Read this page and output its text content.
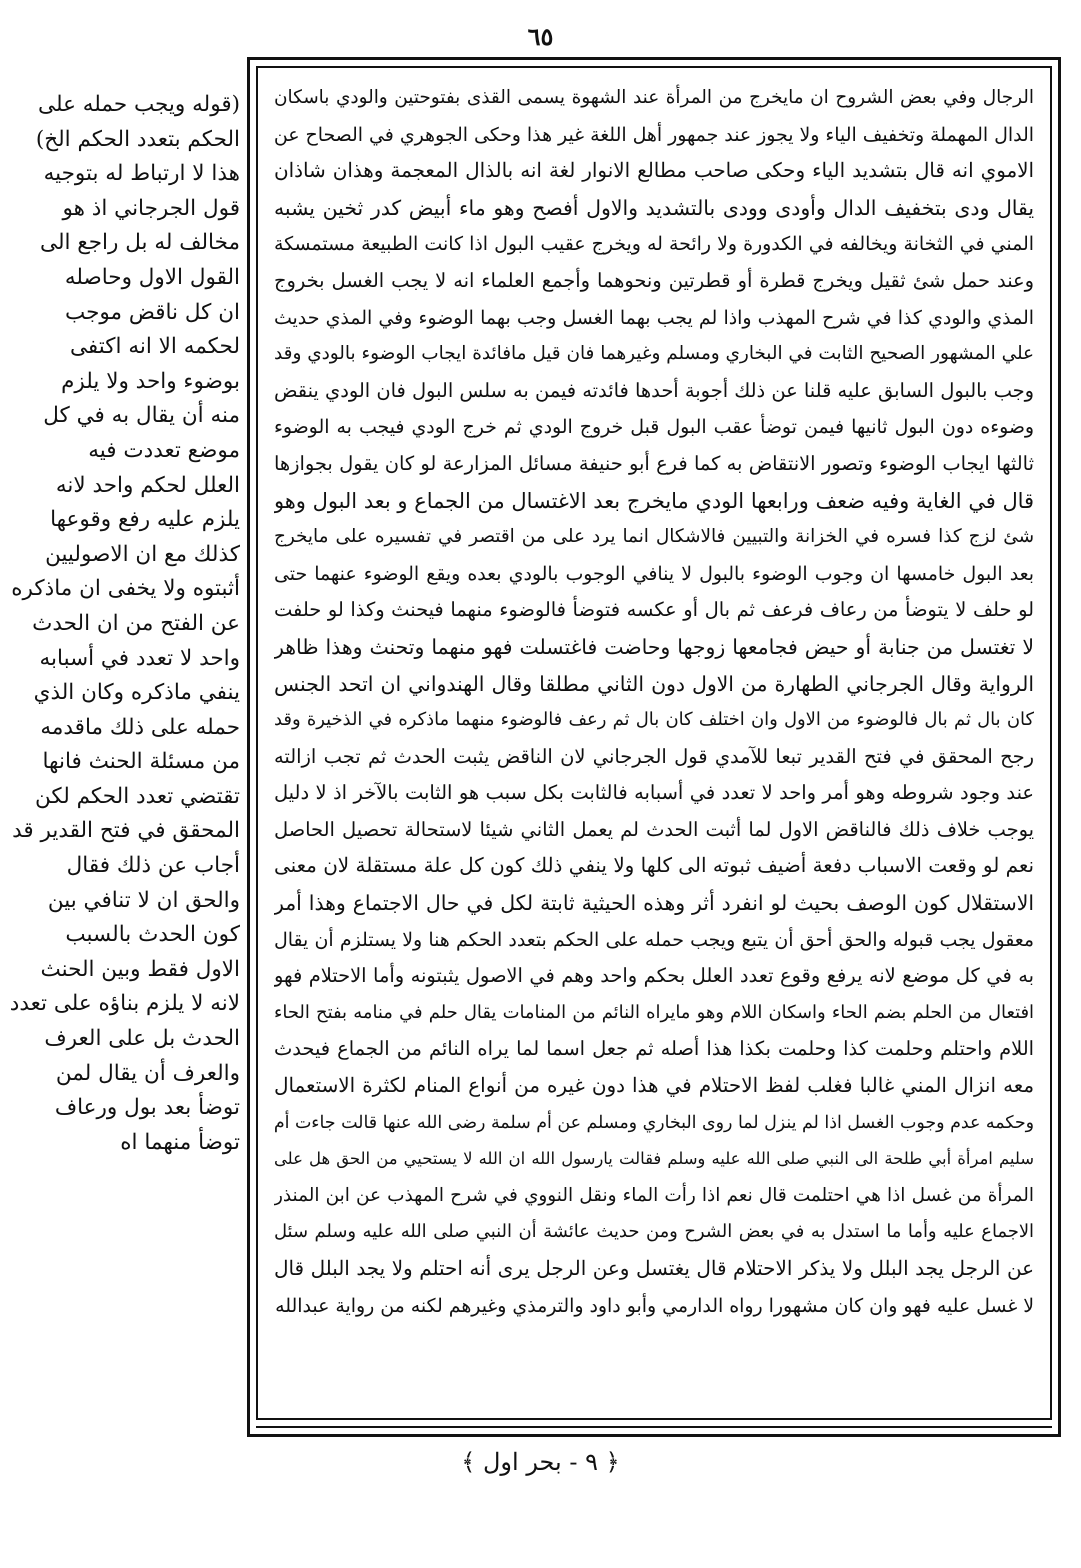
٦٥
(قوله ويجب حمله على
الحكم بتعدد الحكم الخ)
هذا لا ارتباط له بتوجيه
قول الجرجاني اذ هو
مخالف له بل راجع الى
القول الاول وحاصله
ان كل ناقض موجب
لحكمه الا انه اكتفى
بوضوء واحد ولا يلزم
منه أن يقال به في كل
موضع تعددت فيه
العلل لحكم واحد لانه
يلزم عليه رفع وقوعها
كذلك مع ان الاصوليين
أثبتوه ولا يخفى ان ماذكره
عن الفتح من ان الحدث
واحد لا تعدد في أسبابه
ينفي ماذكره وكان الذي
حمله على ذلك ماقدمه
من مسئلة الحنث فانها
تقتضي تعدد الحكم لكن
المحقق في فتح القدير قد
أجاب عن ذلك فقال
والحق ان لا تنافي بين
كون الحدث بالسبب
الاول فقط وبين الحنث
لانه لا يلزم بناؤه على تعدد
الحدث بل على العرف
والعرف أن يقال لمن
توضأ بعد بول ورعاف
توضأ منهما اه
الرجال وفي بعض الشروح ان مايخرج من المرأة عند الشهوة يسمى القذى بفتوحتين والودي باسكان
الدال المهملة وتخفيف الياء ولا يجوز عند جمهور أهل اللغة غير هذا وحكى الجوهري في الصحاح عن
الاموي انه قال بتشديد الياء وحكى صاحب مطالع الانوار لغة انه بالذال المعجمة وهذان شاذان
يقال ودى بتخفيف الدال وأودى وودى بالتشديد والاول أفصح وهو ماء أبيض كدر ثخين يشبه
المني في الثخانة ويخالفه في الكدورة ولا رائحة له ويخرج عقيب البول اذا كانت الطبيعة مستمسكة
وعند حمل شئ ثقيل ويخرج قطرة أو قطرتين ونحوهما وأجمع العلماء انه لا يجب الغسل بخروج
المذي والودي كذا في شرح المهذب واذا لم يجب بهما الغسل وجب بهما الوضوء وفي المذي حديث
علي المشهور الصحيح الثابت في البخاري ومسلم وغيرهما فان قيل مافائدة ايجاب الوضوء بالودي وقد
وجب بالبول السابق عليه قلنا عن ذلك أجوبة أحدها فائدته فيمن به سلس البول فان الودي ينقض
وضوءه دون البول ثانيها فيمن توضأ عقب البول قبل خروج الودي ثم خرج الودي فيجب به الوضوء
ثالثها ايجاب الوضوء وتصور الانتقاض به كما فرع أبو حنيفة مسائل المزارعة لو كان يقول بجوازها
قال في الغاية وفيه ضعف ورابعها الودي مايخرج بعد الاغتسال من الجماع و بعد البول وهو
شئ لزج كذا فسره في الخزانة والتبيين فالاشكال انما يرد على من اقتصر في تفسيره على مايخرج
بعد البول خامسها ان وجوب الوضوء بالبول لا ينافي الوجوب بالودي بعده ويقع الوضوء عنهما حتى
لو حلف لا يتوضأ من رعاف فرعف ثم بال أو عكسه فتوضأ فالوضوء منهما فيحنث وكذا لو حلفت
لا تغتسل من جنابة أو حيض فجامعها زوجها وحاضت فاغتسلت فهو منهما وتحنث وهذا ظاهر
الرواية وقال الجرجاني الطهارة من الاول دون الثاني مطلقا وقال الهندواني ان اتحد الجنس
كان بال ثم بال فالوضوء من الاول وان اختلف كان بال ثم رعف فالوضوء منهما ماذكره في الذخيرة وقد
رجح المحقق في فتح القدير تبعا للآمدي قول الجرجاني لان الناقض يثبت الحدث ثم تجب ازالته
عند وجود شروطه وهو أمر واحد لا تعدد في أسبابه فالثابت بكل سبب هو الثابت بالآخر اذ لا دليل
يوجب خلاف ذلك فالناقض الاول لما أثبت الحدث لم يعمل الثاني شيئا لاستحالة تحصيل الحاصل
نعم لو وقعت الاسباب دفعة أضيف ثبوته الى كلها ولا ينفي ذلك كون كل علة مستقلة لان معنى
الاستقلال كون الوصف بحيث لو انفرد أثر وهذه الحيثية ثابتة لكل في حال الاجتماع وهذا أمر
معقول يجب قبوله والحق أحق أن يتبع ويجب حمله على الحكم بتعدد الحكم هنا ولا يستلزم أن يقال
به في كل موضع لانه يرفع وقوع تعدد العلل بحكم واحد وهم في الاصول يثبتونه وأما الاحتلام فهو
افتعال من الحلم بضم الحاء واسكان اللام وهو مايراه النائم من المنامات يقال حلم في منامه بفتح الحاء
اللام واحتلم وحلمت كذا وحلمت بكذا هذا أصله ثم جعل اسما لما يراه النائم من الجماع فيحدث
معه انزال المني غالبا فغلب لفظ الاحتلام في هذا دون غيره من أنواع المنام لكثرة الاستعمال
وحكمه عدم وجوب الغسل اذا لم ينزل لما روى البخاري ومسلم عن أم سلمة رضى الله عنها قالت جاءت أم
سليم امرأة أبي طلحة الى النبي صلى الله عليه وسلم فقالت يارسول الله ان الله لا يستحيي من الحق هل على
المرأة من غسل اذا هي احتلمت قال نعم اذا رأت الماء ونقل النووي في شرح المهذب عن ابن المنذر
الاجماع عليه وأما ما استدل به في بعض الشرح ومن حديث عائشة أن النبي صلى الله عليه وسلم سئل
عن الرجل يجد البلل ولا يذكر الاحتلام قال يغتسل وعن الرجل يرى أنه احتلم ولا يجد البلل قال
لا غسل عليه فهو وان كان مشهورا رواه الدارمي وأبو داود والترمذي وغيرهم لكنه من رواية عبدالله
﴿ ٩ - بحر اول ﴾
